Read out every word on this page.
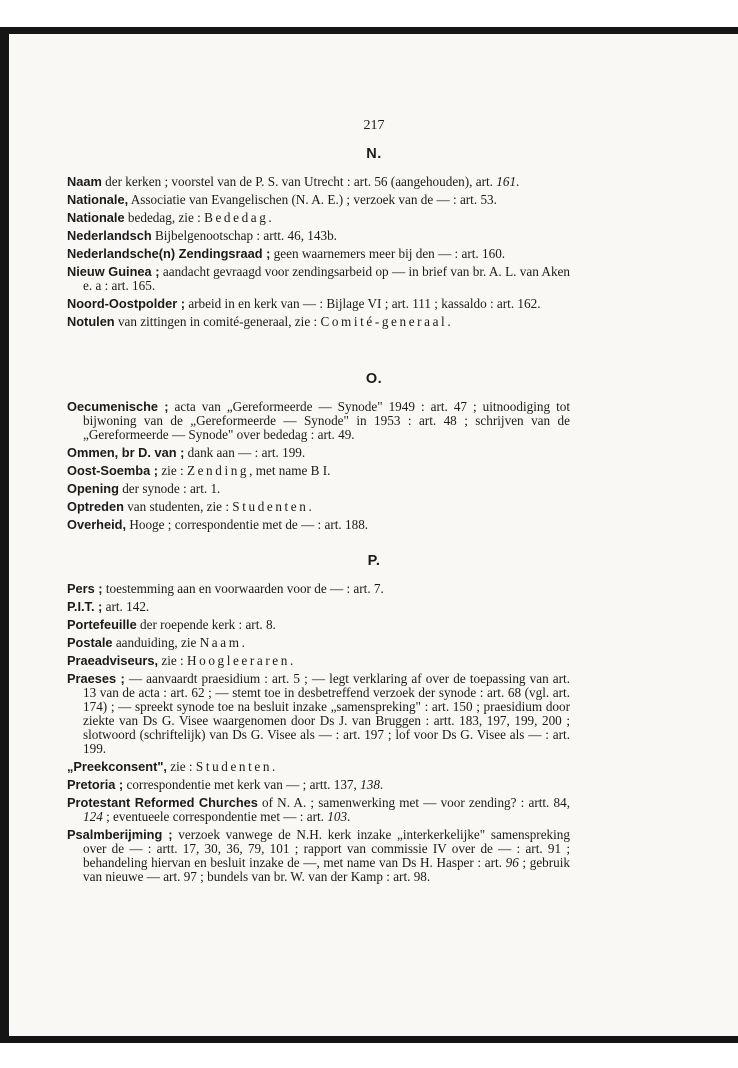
217
N.
Naam der kerken ; voorstel van de P. S. van Utrecht : art. 56 (aangehouden), art. 161.
Nationale, Associatie van Evangelischen (N. A. E.) ; verzoek van de — : art. 53.
Nationale bededag, zie : Bededag.
Nederlandsch Bijbelgenootschap : artt. 46, 143b.
Nederlandsche(n) Zendingsraad ; geen waarnemers meer bij den — : art. 160.
Nieuw Guinea ; aandacht gevraagd voor zendingsarbeid op — in brief van br. A. L. van Aken e. a : art. 165.
Noord-Oostpolder ; arbeid in en kerk van — : Bijlage VI ; art. 111 ; kassaldo : art. 162.
Notulen van zittingen in comité-generaal, zie : Comité-generaal.
O.
Oecumenische ; acta van „Gereformeerde — Synode" 1949 : art. 47 ; uitnoodiging tot bijwoning van de „Gereformeerde — Synode" in 1953 : art. 48 ; schrijven van de „Gereformeerde — Synode" over bededag : art. 49.
Ommen, br D. van ; dank aan — : art. 199.
Oost-Soemba ; zie : Zending, met name B I.
Opening der synode : art. 1.
Optreden van studenten, zie : Studenten.
Overheid, Hooge ; correspondentie met de — : art. 188.
P.
Pers ; toestemming aan en voorwaarden voor de — : art. 7.
P.I.T. ; art. 142.
Portefeuille der roepende kerk : art. 8.
Postale aanduiding, zie Naam.
Praeadviseurs, zie : Hoogleeraren.
Praeses ; — aanvaardt praesidium : art. 5 ; — legt verklaring af over de toepassing van art. 13 van de acta : art. 62 ; — stemt toe in desbetreffend verzoek der synode : art. 68 (vgl. art. 174) ; — spreekt synode toe na besluit inzake „samenspreking" : art. 150 ; praesidium door ziekte van Ds G. Visee waargenomen door Ds J. van Bruggen : artt. 183, 197, 199, 200 ; slotwoord (schriftelijk) van Ds G. Visee als — : art. 197 ; lof voor Ds G. Visee als — : art. 199.
„Preekconsent", zie : Studenten.
Pretoria ; correspondentie met kerk van — ; artt. 137, 138.
Protestant Reformed Churches of N. A. ; samenwerking met — voor zending? : artt. 84, 124 ; eventueele correspondentie met — : art. 103.
Psalmberijming ; verzoek vanwege de N.H. kerk inzake „interkerkelijke" samenspreking over de — : artt. 17, 30, 36, 79, 101 ; rapport van commissie IV over de — : art. 91 ; behandeling hiervan en besluit inzake de —, met name van Ds H. Hasper : art. 96 ; gebruik van nieuwe — art. 97 ; bundels van br. W. van der Kamp : art. 98.
